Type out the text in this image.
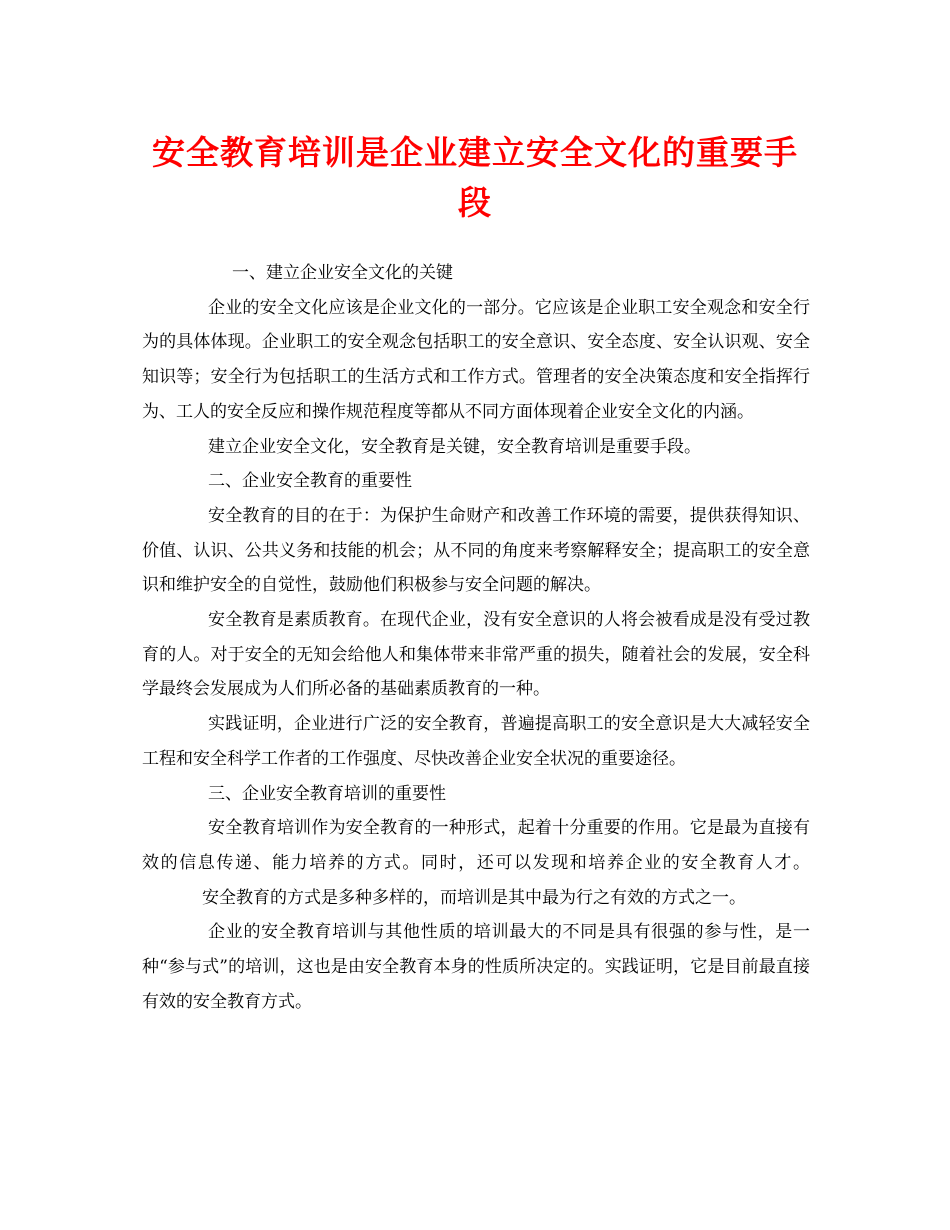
安全教育培训是企业建立安全文化的重要手段

一、建立企业安全文化的关键

企业的安全文化应该是企业文化的一部分。它应该是企业职工安全观念和安全行为的具体体现。企业职工的安全观念包括职工的安全意识、安全态度、安全认识观、安全知识等；安全行为包括职工的生活方式和工作方式。管理者的安全决策态度和安全指挥行为、工人的安全反应和操作规范程度等都从不同方面体现着企业安全文化的内涵。

建立企业安全文化，安全教育是关键，安全教育培训是重要手段。

二、企业安全教育的重要性

安全教育的目的在于：为保护生命财产和改善工作环境的需要，提供获得知识、价值、认识、公共义务和技能的机会；从不同的角度来考察解释安全；提高职工的安全意识和维护安全的自觉性，鼓励他们积极参与安全问题的解决。

安全教育是素质教育。在现代企业，没有安全意识的人将会被看成是没有受过教育的人。对于安全的无知会给他人和集体带来非常严重的损失，随着社会的发展，安全科学最终会发展成为人们所必备的基础素质教育的一种。

实践证明，企业进行广泛的安全教育，普遍提高职工的安全意识是大大减轻安全工程和安全科学工作者的工作强度、尽快改善企业安全状况的重要途径。

三、企业安全教育培训的重要性

安全教育培训作为安全教育的一种形式，起着十分重要的作用。它是最为直接有效的信息传递、能力培养的方式。同时，还可以发现和培养企业的安全教育人才。安全教育的方式是多种多样的，而培训是其中最为行之有效的方式之一。

企业的安全教育培训与其他性质的培训最大的不同是具有很强的参与性，是一种“参与式”的培训，这也是由安全教育本身的性质所决定的。实践证明，它是目前最直接有效的安全教育方式。
